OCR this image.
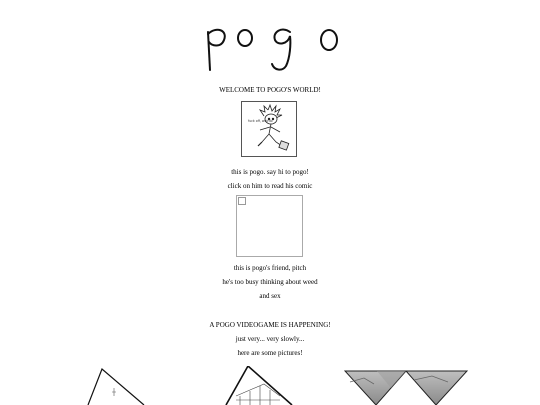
WELCOME TO POGO'S WORLD!
fuck off, weirdo
this is pogo. say hi to pogo!
click on him to read his comic
this is pogo's friend, pitch
he's too busy thinking about weed
and sex
A POGO VIDEOGAME IS HAPPENING!
just very... very slowly...
here are some pictures!
